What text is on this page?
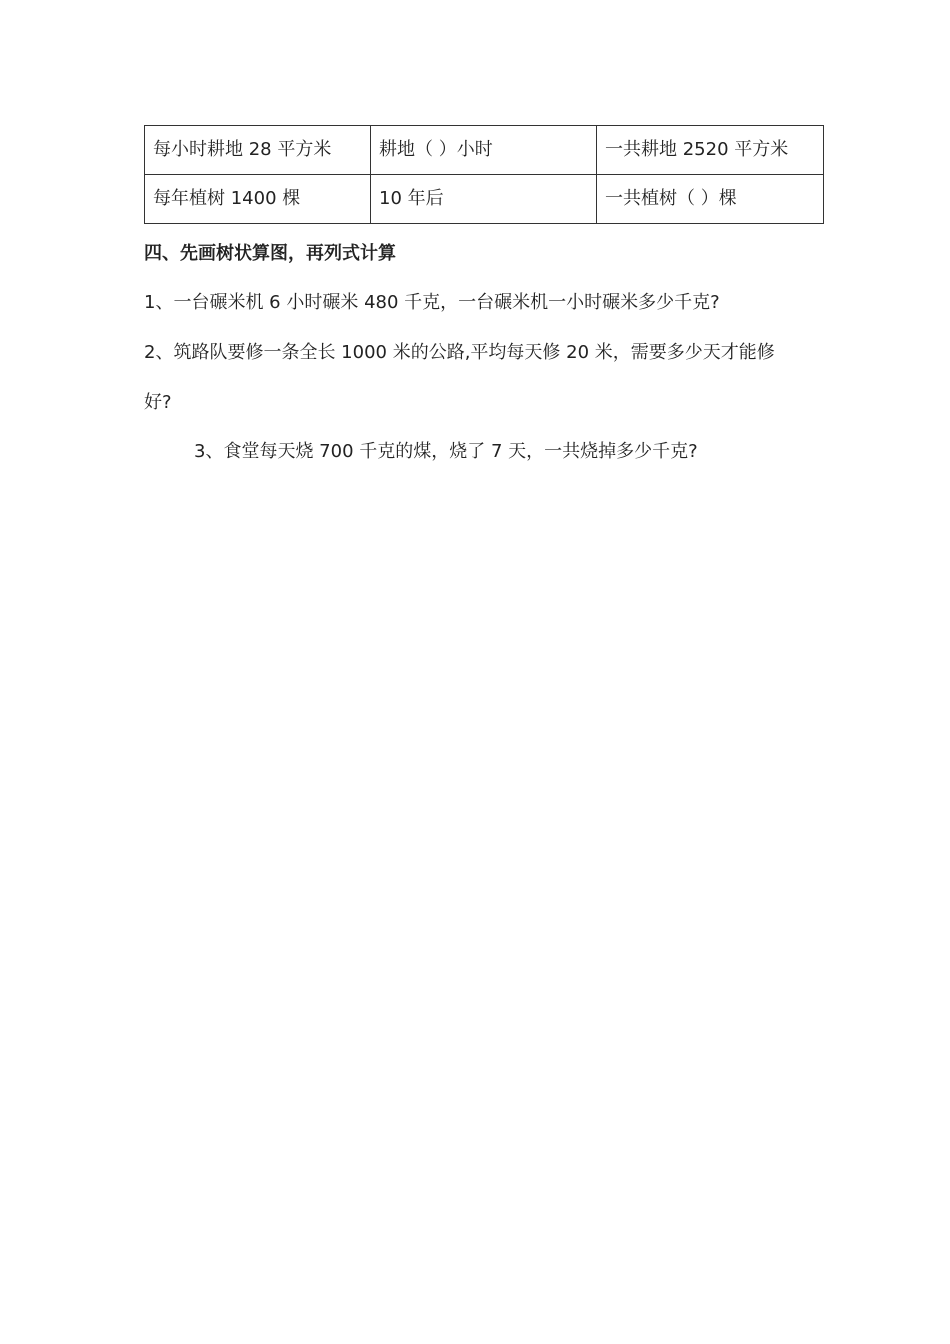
每小时耕地 28 平方米	耕地（ ）小时	一共耕地 2520 平方米
每年植树 1400 棵	10 年后	一共植树（ ）棵
四、先画树状算图，再列式计算
1、一台碾米机 6 小时碾米 480 千克，一台碾米机一小时碾米多少千克?
2、筑路队要修一条全长 1000 米的公路,平均每天修 20 米，需要多少天才能修
好?
3、食堂每天烧 700 千克的煤，烧了 7 天，一共烧掉多少千克?
